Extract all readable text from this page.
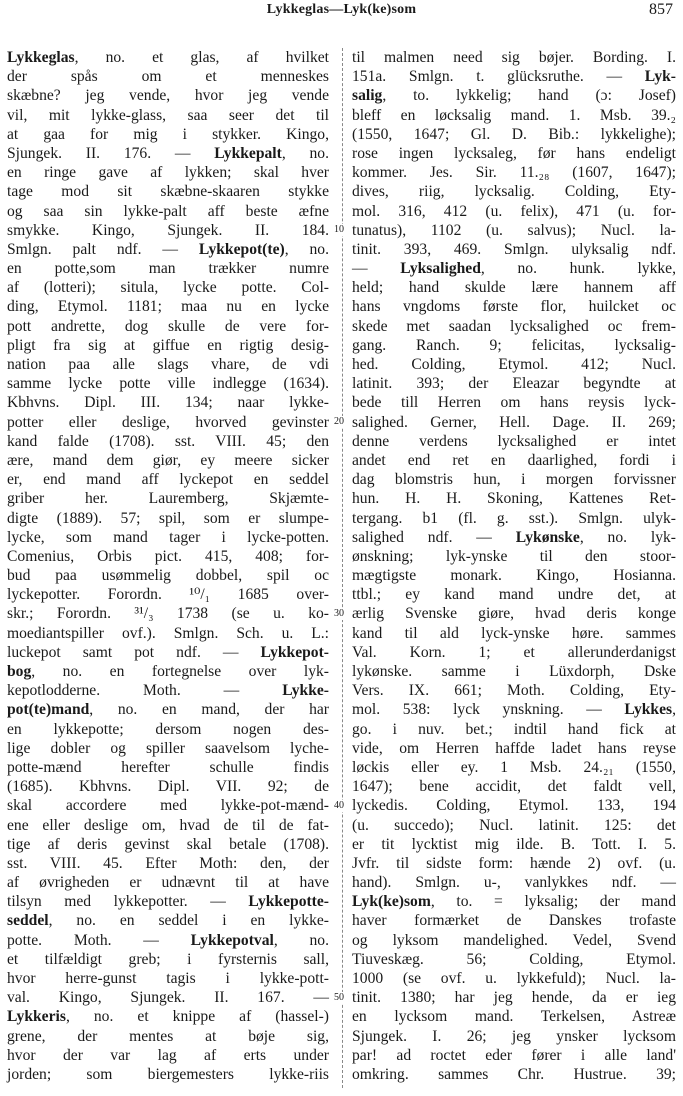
Lykkeglas—Lyk(ke)som	857
Lykkeglas, no. et glas, af hvilket
der spås om et menneskes
skæbne? jeg vende, hvor jeg vende
vil, mit lykke-glass, saa seer det til
at gaa for mig i stykker. Kingo,
Sjungek. II. 176. — Lykkepalt, no.
en ringe gave af lykken; skal hver
tage mod sit skæbne-skaaren stykke
og saa sin lykke-palt aff beste æfne
smykke. Kingo, Sjungek. II. 184.
Smlgn. palt ndf. — Lykkepot(te), no.
en potte,som man trækker numre
af (lotteri); situla, lycke potte. Col-
ding, Etymol. 1181; maa nu en lycke
pott andrette, dog skulle de vere for-
pligt fra sig at giffue en rigtig desig-
nation paa alle slags vhare, de vdi
samme lycke potte ville indlegge (1634).
Kbhvns. Dipl. III. 134; naar lykke-
potter eller deslige, hvorved gevinster
kand falde (1708). sst. VIII. 45; den
ære, mand dem giør, ey meere sicker
er, end mand aff lyckepot en seddel
griber her. Lauremberg, Skjæmte-
digte (1889). 57; spil, som er slumpe-
lycke, som mand tager i lycke-potten.
Comenius, Orbis pict. 415, 408; for-
bud paa usømmelig dobbel, spil oc
lyckepotter. Forordn. ¹⁰/₁ 1685 over-
skr.; Forordn. ³¹/₃ 1738 (se u. ko-
moediantspiller ovf.). Smlgn. Sch. u. L.:
luckepot samt pot ndf. — Lykkepot-
bog, no. en fortegnelse over lyk-
kepotlodderne. Moth. — Lykke-
pot(te)mand, no. en mand, der har
en lykkepotte; dersom nogen des-
lige dobler og spiller saavelsom lyche-
potte-mænd herefter schulle findis
(1685). Kbhvns. Dipl. VII. 92; de
skal accordere med lykke-pot-mænd-
ene eller deslige om, hvad de til de fat-
tige af deris gevinst skal betale (1708).
sst. VIII. 45. Efter Moth: den, der
af øvrigheden er udnævnt til at have
tilsyn med lykkepotter. — Lykkepotte-
seddel, no. en seddel i en lykke-
potte. Moth. — Lykkepotval, no.
et tilfældigt greb; i fyrsternis sall,
hvor herre-gunst tagis i lykke-pott-
val. Kingo, Sjungek. II. 167. —
Lykkeris, no. et knippe af (hassel-)
grene, der mentes at bøje sig,
hvor der var lag af erts under
jorden; som biergemesters lykke-riis
10
20
30
40
50
til malmen need sig bøjer. Bording. I.
151a. Smlgn. t. glücksruthe. — Lyk-
salig, to. lykkelig; hand (ɔ: Josef)
bleff en løcksalig mand. 1. Msb. 39.₂
(1550, 1647; Gl. D. Bib.: lykkelighe);
rose ingen lycksaleg, før hans endeligt
kommer. Jes. Sir. 11.₂₈ (1607, 1647);
dives, riig, lycksalig. Colding, Ety-
mol. 316, 412 (u. felix), 471 (u. for-
tunatus), 1102 (u. salvus); Nucl. la-
tinit. 393, 469. Smlgn. ulyksalig ndf.
— Lyksalighed, no. hunk. lykke,
held; hand skulde lære hannem aff
hans vngdoms første flor, huilcket oc
skede met saadan lycksalighed oc frem-
gang. Ranch. 9; felicitas, lycksalig-
hed. Colding, Etymol. 412; Nucl.
latinit. 393; der Eleazar begyndte at
bede till Herren om hans reysis lyck-
salighed. Gerner, Hell. Dage. II. 269;
denne verdens lycksalighed er intet
andet end ret en daarlighed, fordi i
dag blomstris hun, i morgen forvissner
hun. H. H. Skoning, Kattenes Ret-
tergang. b1 (fl. g. sst.). Smlgn. ulyk-
salighed ndf. — Lykønske, no. lyk-
ønskning; lyk-ynske til den stoor-
mægtigste monark. Kingo, Hosianna.
ttbl.; ey kand mand undre det, at
ærlig Svenske giøre, hvad deris konge
kand til ald lyck-ynske høre. sammes
Val. Korn. 1; et allerunderdanigst
lykønske. samme i Lüxdorph, Dske
Vers. IX. 661; Moth. Colding, Ety-
mol. 538: lyck ynskning. — Lykkes,
go. i nuv. bet.; indtil hand fick at
vide, om Herren haffde ladet hans reyse
løckis eller ey. 1 Msb. 24.₂₁ (1550,
1647); bene accidit, det faldt vell,
lyckedis. Colding, Etymol. 133, 194
(u. succedo); Nucl. latinit. 125: det
er tit lycktist mig ilde. B. Tott. I. 5.
Jvfr. til sidste form: hænde 2) ovf. (u.
hand). Smlgn. u-, vanlykkes ndf. —
Lyk(ke)som, to. = lyksalig; der mand
haver formærket de Danskes trofaste
og lyksom mandelighed. Vedel, Svend
Tiuveskæg. 56; Colding, Etymol.
1000 (se ovf. u. lykkefuld); Nucl. la-
tinit. 1380; har jeg hende, da er ieg
en lycksom mand. Terkelsen, Astreæ
Sjungek. I. 26; jeg ynsker lycksom
par! ad roctet eder fører i alle land'
omkring. sammes Chr. Hustrue. 39;
